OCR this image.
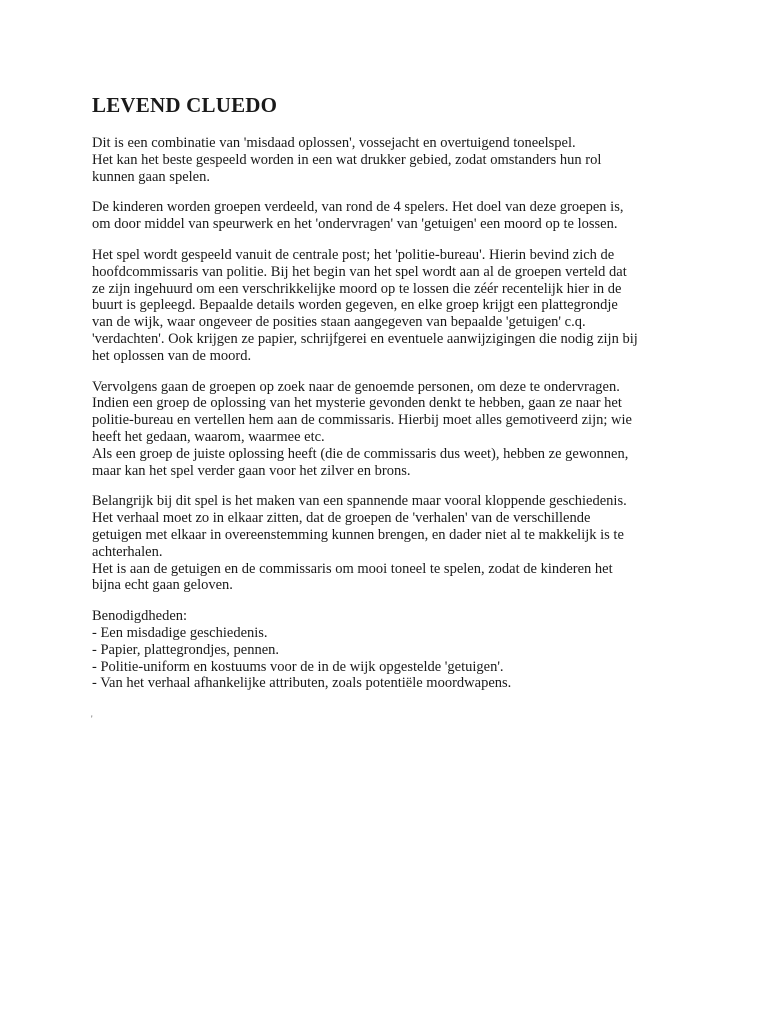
LEVEND CLUEDO

Dit is een combinatie van 'misdaad oplossen', vossejacht en overtuigend toneelspel.
Het kan het beste gespeeld worden in een wat drukker gebied, zodat omstanders hun rol
kunnen gaan spelen.

De kinderen worden groepen verdeeld, van rond de 4 spelers. Het doel van deze groepen is,
om door middel van speurwerk en het 'ondervragen' van 'getuigen' een moord op te lossen.

Het spel wordt gespeeld vanuit de centrale post; het 'politie-bureau'. Hierin bevind zich de
hoofdcommissaris van politie. Bij het begin van het spel wordt aan al de groepen verteld dat
ze zijn ingehuurd om een verschrikkelijke moord op te lossen die zéér recentelijk hier in de
buurt is gepleegd. Bepaalde details worden gegeven, en elke groep krijgt een plattegrondje
van de wijk, waar ongeveer de posities staan aangegeven van bepaalde 'getuigen' c.q.
'verdachten'. Ook krijgen ze papier, schrijfgerei en eventuele aanwijzigingen die nodig zijn bij
het oplossen van de moord.

Vervolgens gaan de groepen op zoek naar de genoemde personen, om deze te ondervragen.
Indien een groep de oplossing van het mysterie gevonden denkt te hebben, gaan ze naar het
politie-bureau en vertellen hem aan de commissaris. Hierbij moet alles gemotiveerd zijn; wie
heeft het gedaan, waarom, waarmee etc.
Als een groep de juiste oplossing heeft (die de commissaris dus weet), hebben ze gewonnen,
maar kan het spel verder gaan voor het zilver en brons.

Belangrijk bij dit spel is het maken van een spannende maar vooral kloppende geschiedenis.
Het verhaal moet zo in elkaar zitten, dat de groepen de 'verhalen' van de verschillende
getuigen met elkaar in overeenstemming kunnen brengen, en dader niet al te makkelijk is te
achterhalen.
Het is aan de getuigen en de commissaris om mooi toneel te spelen, zodat de kinderen het
bijna echt gaan geloven.

Benodigdheden:
- Een misdadige geschiedenis.
- Papier, plattegrondjes, pennen.
- Politie-uniform en kostuums voor de in de wijk opgestelde 'getuigen'.
- Van het verhaal afhankelijke attributen, zoals potentiële moordwapens.

'
